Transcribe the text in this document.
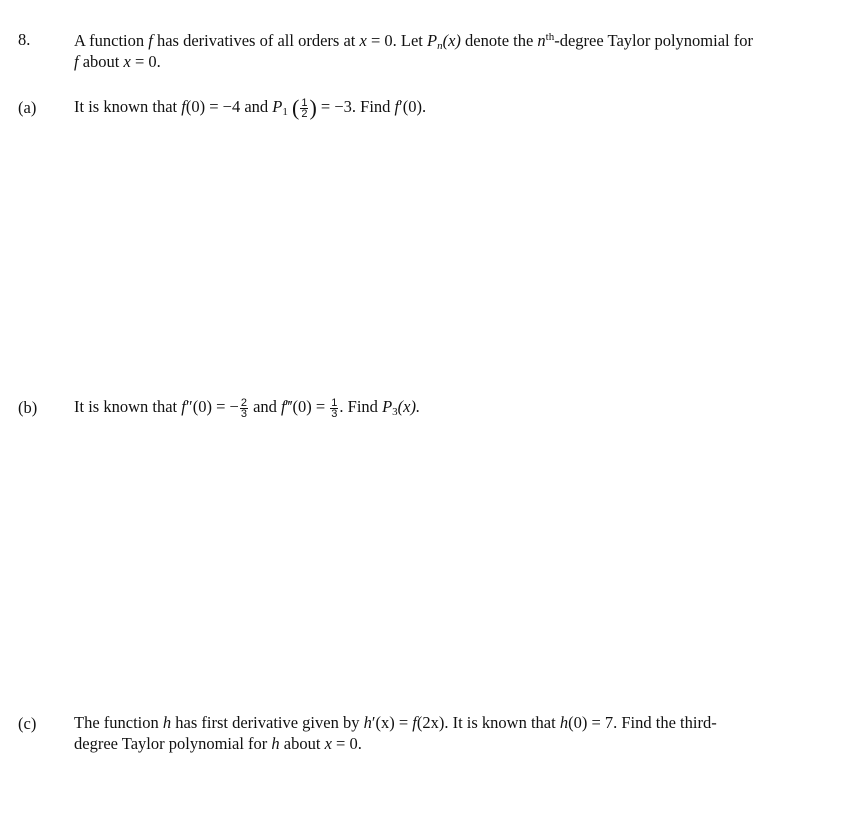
8.	A function f has derivatives of all orders at x = 0. Let $P_n(x)$ denote the $n^{th}$-degree Taylor polynomial for
f about x = 0.
(a) It is known that f(0) = −4 and $P_1$ ( $\frac{1}{2}$ ) = −3. Find f′(0).
(b) It is known that f″(0) = − $\frac{2}{3}$ and f‴(0) = $\frac{1}{3}$ . Find $P_3(x)$.
(c) The function h has first derivative given by h′(x) = f(2x). It is known that h(0) = 7. Find the third-
degree Taylor polynomial for h about x = 0.
